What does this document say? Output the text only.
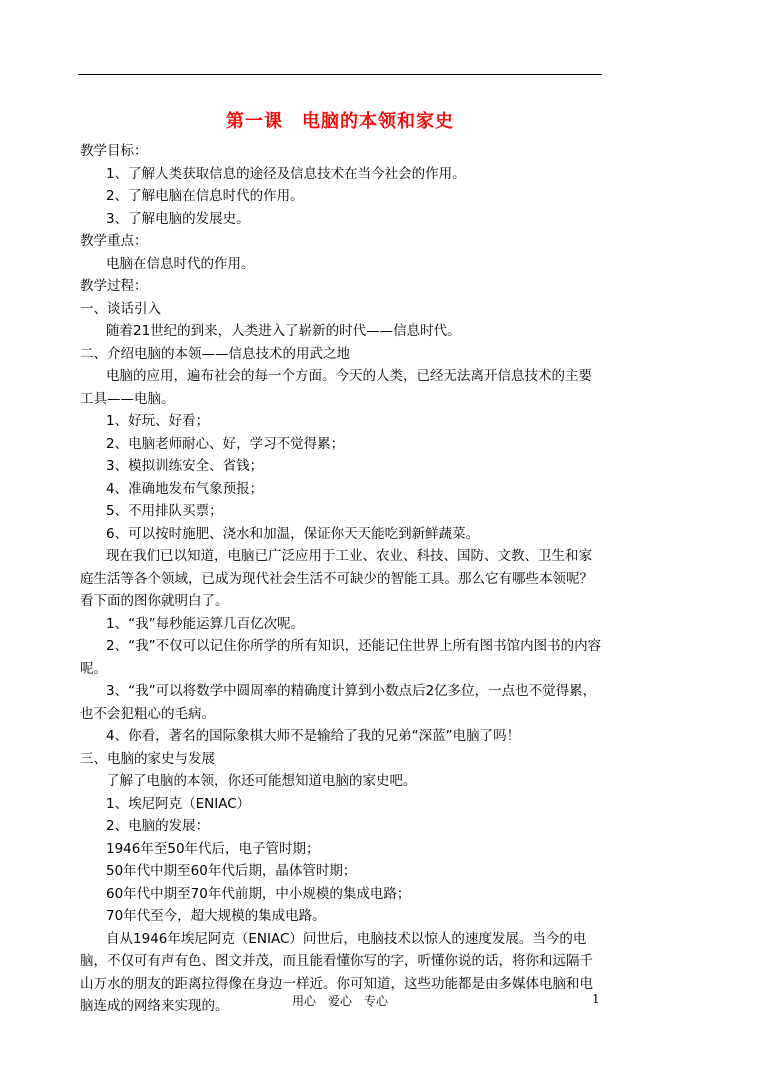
第一课　电脑的本领和家史

教学目标：

1、了解人类获取信息的途径及信息技术在当今社会的作用。

2、了解电脑在信息时代的作用。

3、了解电脑的发展史。

教学重点：

电脑在信息时代的作用。

教学过程：

一、谈话引入

随着21世纪的到来，人类进入了崭新的时代——信息时代。

二、介绍电脑的本领——信息技术的用武之地

电脑的应用，遍布社会的每一个方面。今天的人类，已经无法离开信息技术的主要工具——电脑。

1、好玩、好看；

2、电脑老师耐心、好，学习不觉得累；

3、模拟训练安全、省钱；

4、准确地发布气象预报；

5、不用排队买票；

6、可以按时施肥、浇水和加温，保证你天天能吃到新鲜蔬菜。

现在我们已以知道，电脑已广泛应用于工业、农业、科技、国防、文教、卫生和家庭生活等各个领域，已成为现代社会生活不可缺少的智能工具。那么它有哪些本领呢？看下面的图你就明白了。

1、“我”每秒能运算几百亿次呢。

2、“我”不仅可以记住你所学的所有知识，还能记住世界上所有图书馆内图书的内容呢。

3、“我”可以将数学中圆周率的精确度计算到小数点后2亿多位，一点也不觉得累，也不会犯粗心的毛病。

4、你看，著名的国际象棋大师不是输给了我的兄弟“深蓝”电脑了吗！

三、电脑的家史与发展

了解了电脑的本领，你还可能想知道电脑的家史吧。

1、埃尼阿克（ENIAC）

2、电脑的发展：

1946年至50年代后，电子管时期；

50年代中期至60年代后期，晶体管时期；

60年代中期至70年代前期，中小规模的集成电路；

70年代至今，超大规模的集成电路。

自从1946年埃尼阿克（ENIAC）问世后，电脑技术以惊人的速度发展。当今的电脑，不仅可有声有色、图文并茂，而且能看懂你写的字，听懂你说的话，将你和远隔千山万水的朋友的距离拉得像在身边一样近。你可知道，这些功能都是由多媒体电脑和电脑连成的网络来实现的。	用心　爱心　专心	1
